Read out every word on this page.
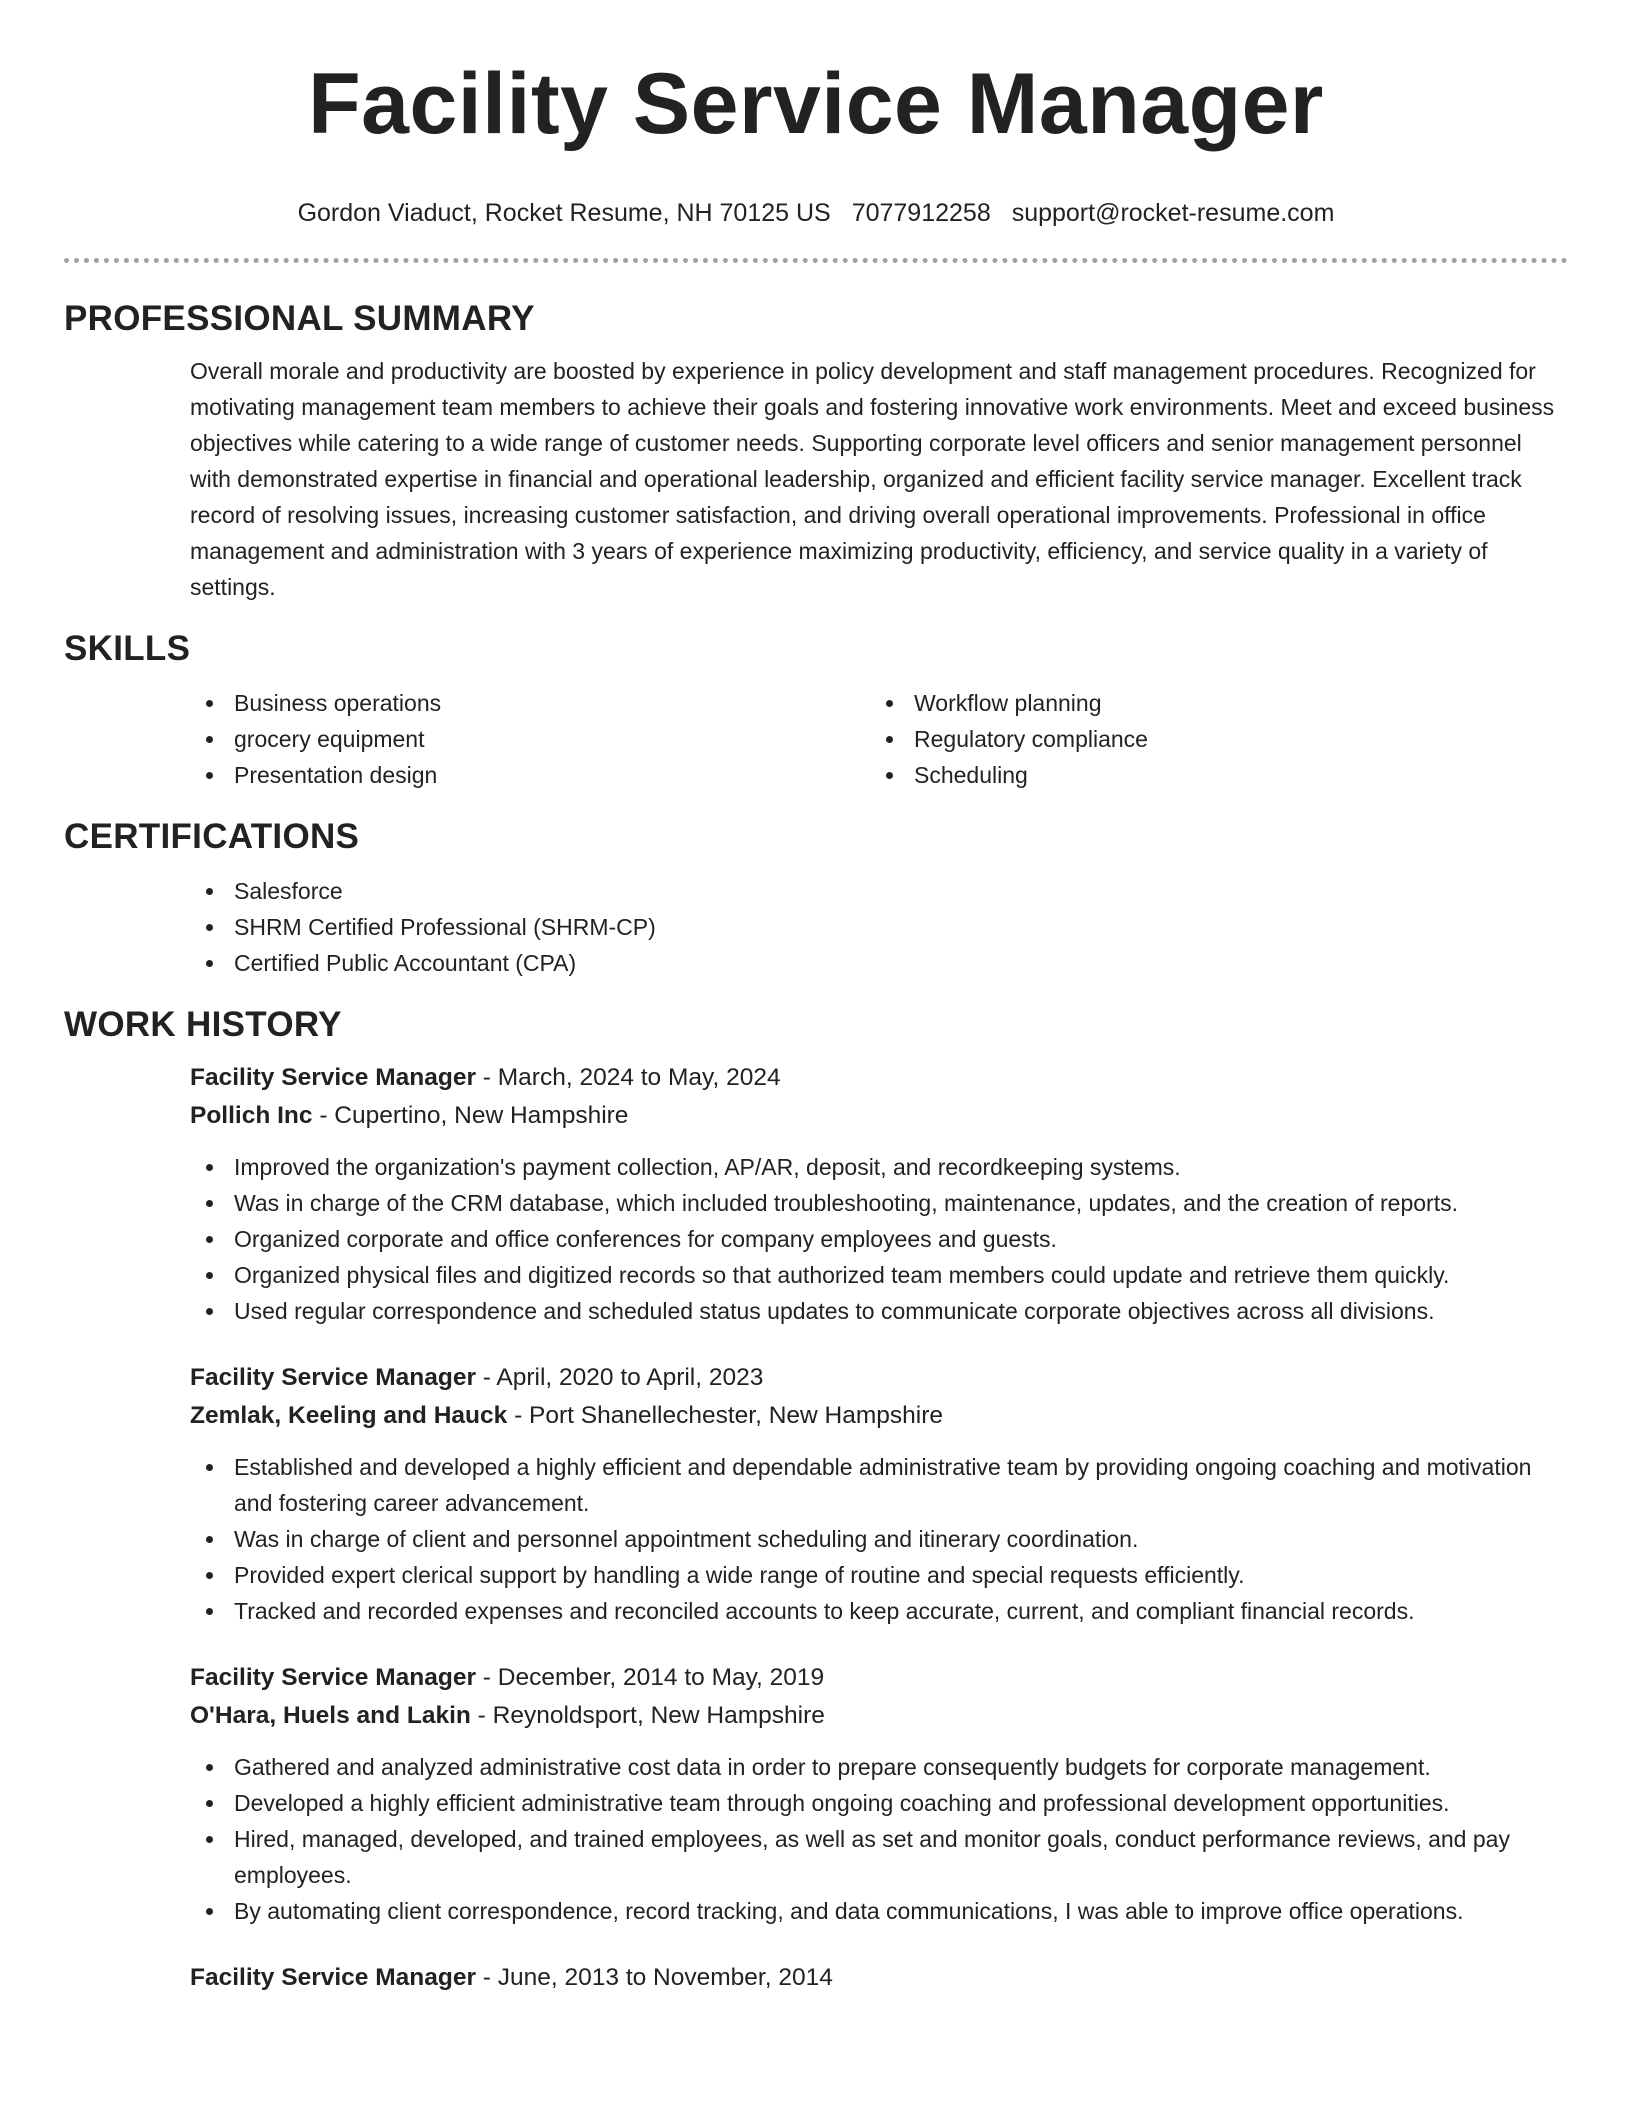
Facility Service Manager
Gordon Viaduct, Rocket Resume, NH 70125 US 7077912258 support@rocket-resume.com
PROFESSIONAL SUMMARY
Overall morale and productivity are boosted by experience in policy development and staff management procedures. Recognized for motivating management team members to achieve their goals and fostering innovative work environments. Meet and exceed business objectives while catering to a wide range of customer needs. Supporting corporate level officers and senior management personnel with demonstrated expertise in financial and operational leadership, organized and efficient facility service manager. Excellent track record of resolving issues, increasing customer satisfaction, and driving overall operational improvements. Professional in office management and administration with 3 years of experience maximizing productivity, efficiency, and service quality in a variety of settings.
SKILLS
Business operations
grocery equipment
Presentation design
Workflow planning
Regulatory compliance
Scheduling
CERTIFICATIONS
Salesforce
SHRM Certified Professional (SHRM-CP)
Certified Public Accountant (CPA)
WORK HISTORY
Facility Service Manager - March, 2024 to May, 2024
Pollich Inc - Cupertino, New Hampshire
Improved the organization's payment collection, AP/AR, deposit, and recordkeeping systems.
Was in charge of the CRM database, which included troubleshooting, maintenance, updates, and the creation of reports.
Organized corporate and office conferences for company employees and guests.
Organized physical files and digitized records so that authorized team members could update and retrieve them quickly.
Used regular correspondence and scheduled status updates to communicate corporate objectives across all divisions.
Facility Service Manager - April, 2020 to April, 2023
Zemlak, Keeling and Hauck - Port Shanellechester, New Hampshire
Established and developed a highly efficient and dependable administrative team by providing ongoing coaching and motivation and fostering career advancement.
Was in charge of client and personnel appointment scheduling and itinerary coordination.
Provided expert clerical support by handling a wide range of routine and special requests efficiently.
Tracked and recorded expenses and reconciled accounts to keep accurate, current, and compliant financial records.
Facility Service Manager - December, 2014 to May, 2019
O'Hara, Huels and Lakin - Reynoldsport, New Hampshire
Gathered and analyzed administrative cost data in order to prepare consequently budgets for corporate management.
Developed a highly efficient administrative team through ongoing coaching and professional development opportunities.
Hired, managed, developed, and trained employees, as well as set and monitor goals, conduct performance reviews, and pay employees.
By automating client correspondence, record tracking, and data communications, I was able to improve office operations.
Facility Service Manager - June, 2013 to November, 2014
